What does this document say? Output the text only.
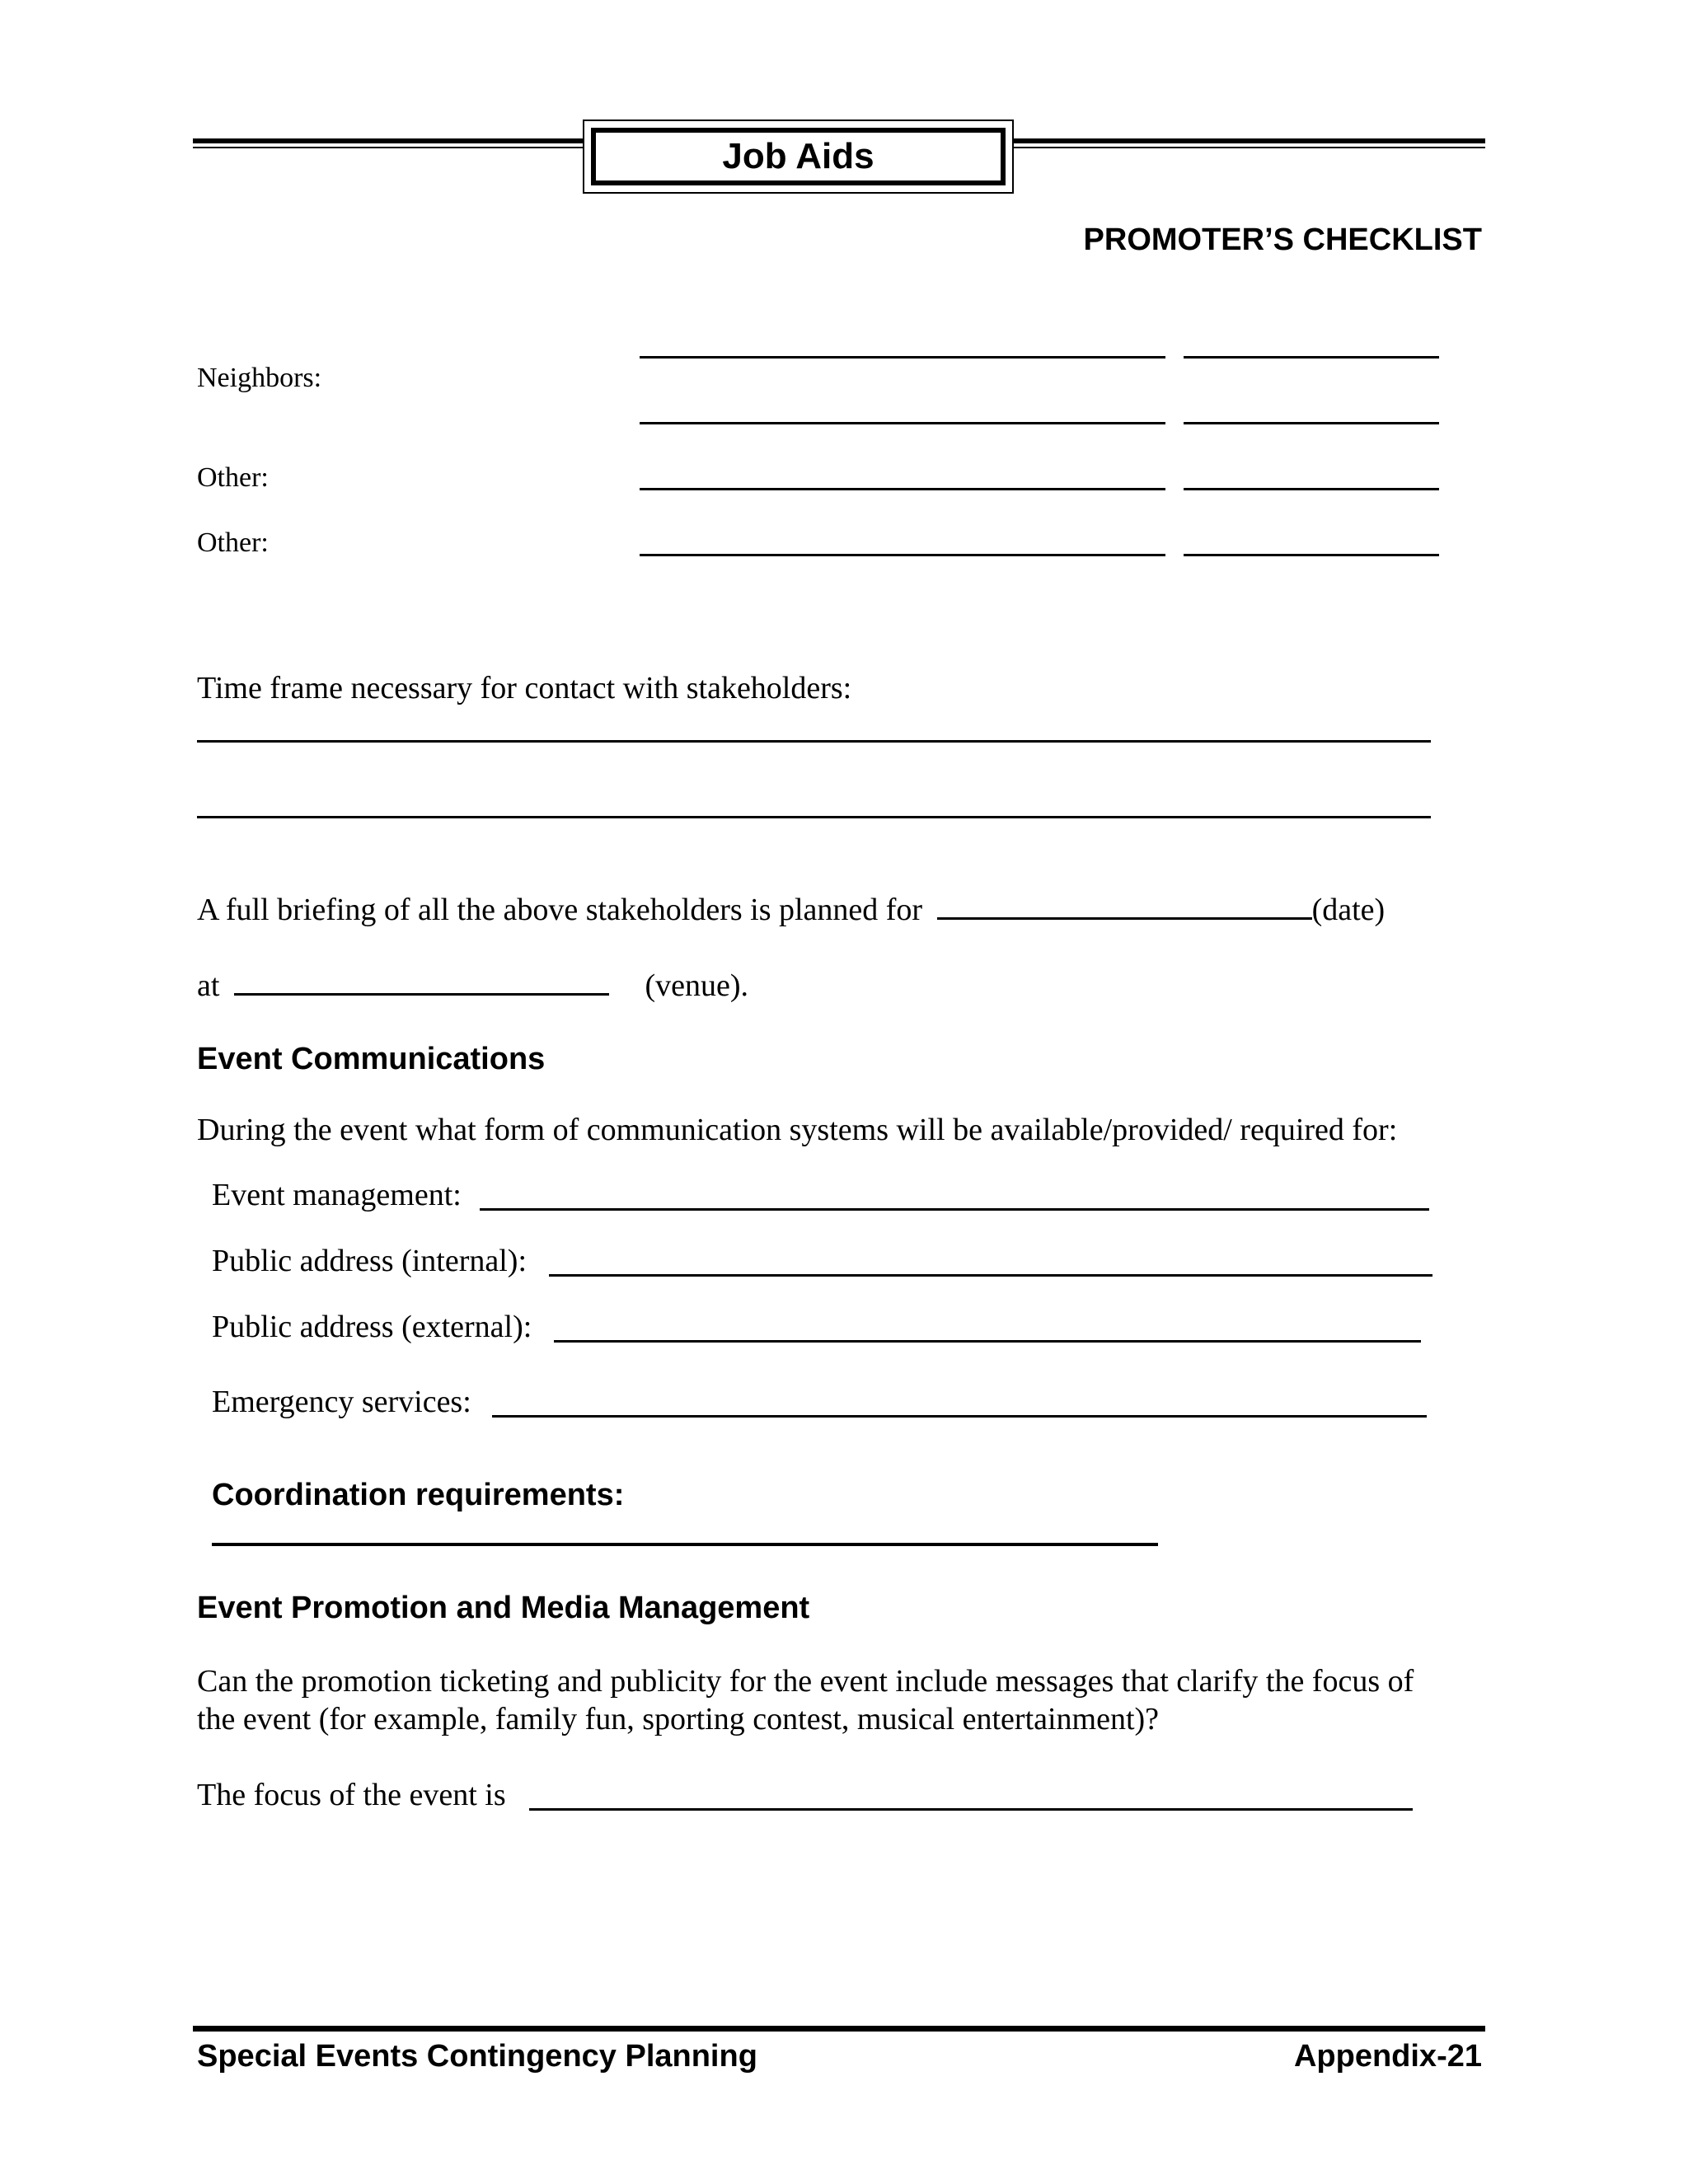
Job Aids
PROMOTER’S CHECKLIST
Neighbors:
Other:
Other:
Time frame necessary for contact with stakeholders:
A full briefing of all the above stakeholders is planned for	(date)
at	(venue).
Event Communications
During the event what form of communication systems will be available/provided/ required for:
Event management:
Public address (internal):
Public address (external):
Emergency services:
Coordination requirements:
Event Promotion and Media Management
Can the promotion ticketing and publicity for the event include messages that clarify the focus of
the event (for example, family fun, sporting contest, musical entertainment)?
The focus of the event is
Special Events Contingency Planning	Appendix-21
